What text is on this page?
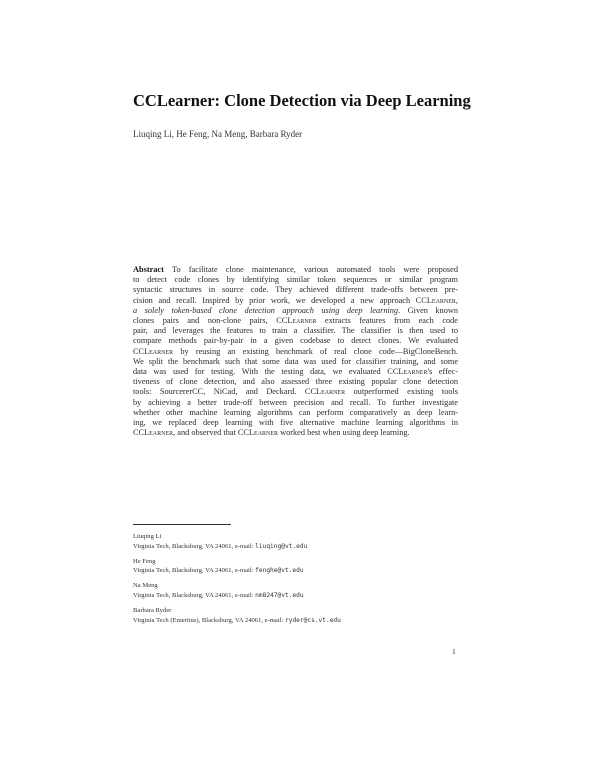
CCLearner: Clone Detection via Deep Learning
Liuqing Li, He Feng, Na Meng, Barbara Ryder
Abstract To facilitate clone maintenance, various automated tools were proposed
to detect code clones by identifying similar token sequences or similar program
syntactic structures in source code. They achieved different trade-offs between pre-
cision and recall. Inspired by prior work, we developed a new approach CCLearner,
a solely token-based clone detection approach using deep learning. Given known
clones pairs and non-clone pairs, CCLearner extracts features from each code
pair, and leverages the features to train a classifier. The classifier is then used to
compare methods pair-by-pair in a given codebase to detect clones. We evaluated
CCLearner by reusing an existing benchmark of real clone code—BigCloneBench.
We split the benchmark such that some data was used for classifier training, and some
data was used for testing. With the testing data, we evaluated CCLearner's effec-
tiveness of clone detection, and also assessed three existing popular clone detection
tools: SourcererCC, NiCad, and Deckard. CCLearner outperformed existing tools
by achieving a better trade-off between precision and recall. To further investigate
whether other machine learning algorithms can perform comparatively as deep learn-
ing, we replaced deep learning with five alternative machine learning algorithms in
CCLearner, and observed that CCLearner worked best when using deep learning.
Liuqing Li
Virginia Tech, Blacksburg, VA 24061, e-mail: liuqing@vt.edu
He Feng
Virginia Tech, Blacksburg, VA 24061, e-mail: fenghe@vt.edu
Na Meng
Virginia Tech, Blacksburg, VA 24061, e-mail: nm8247@vt.edu
Barbara Ryder
Virginia Tech (Emeritus), Blacksburg, VA 24061, e-mail: ryder@cs.vt.edu
1
